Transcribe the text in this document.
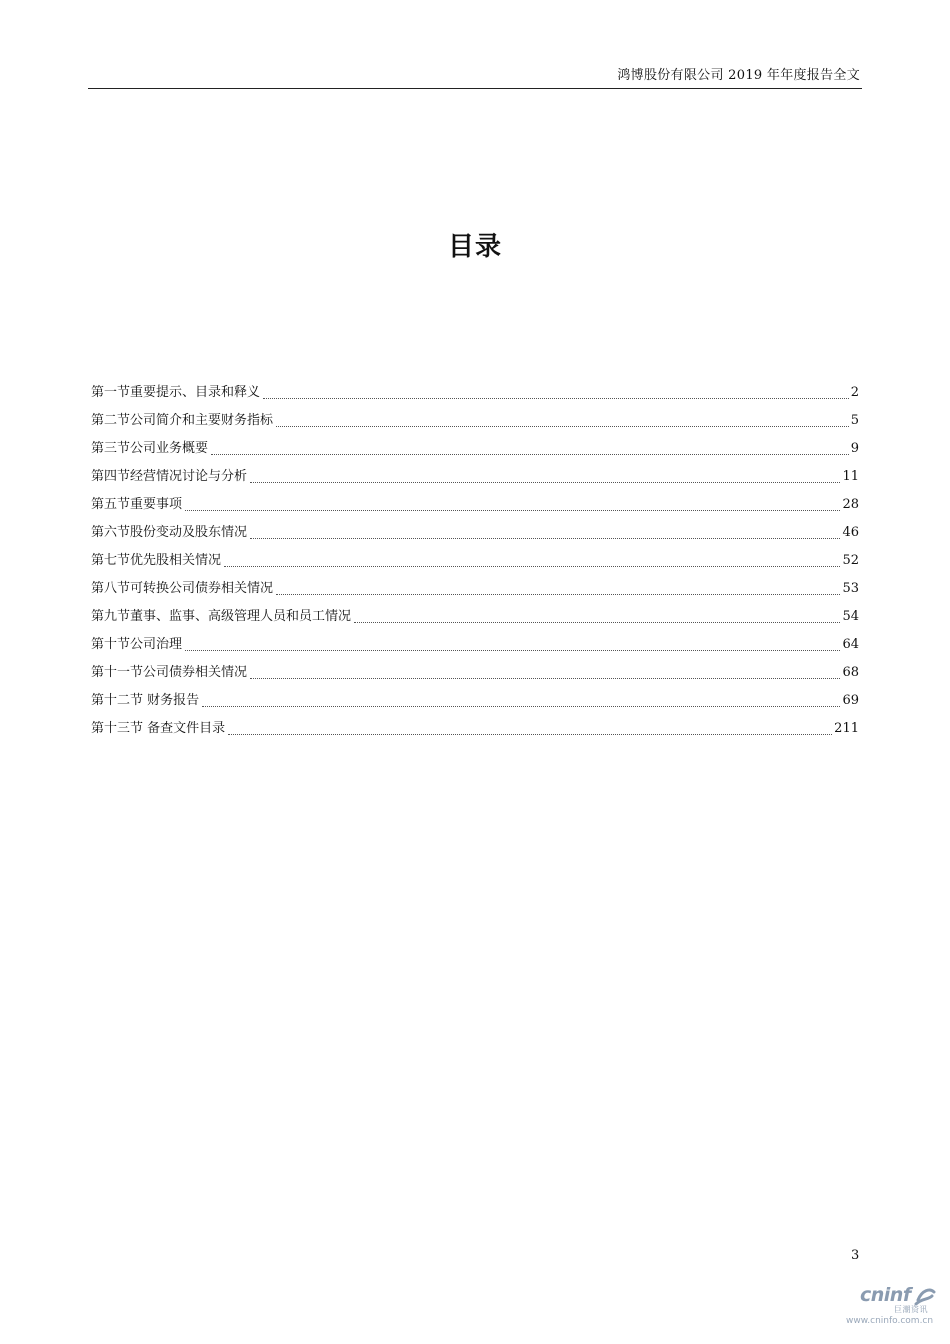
鸿博股份有限公司 2019 年年度报告全文
目录
第一节重要提示、目录和释义	2
第二节公司简介和主要财务指标	5
第三节公司业务概要	9
第四节经营情况讨论与分析	11
第五节重要事项	28
第六节股份变动及股东情况	46
第七节优先股相关情况	52
第八节可转换公司债券相关情况	53
第九节董事、监事、高级管理人员和员工情况	54
第十节公司治理	64
第十一节公司债券相关情况	68
第十二节 财务报告	69
第十三节 备查文件目录	211
3
cninf
巨潮资讯
www.cninfo.com.cn
